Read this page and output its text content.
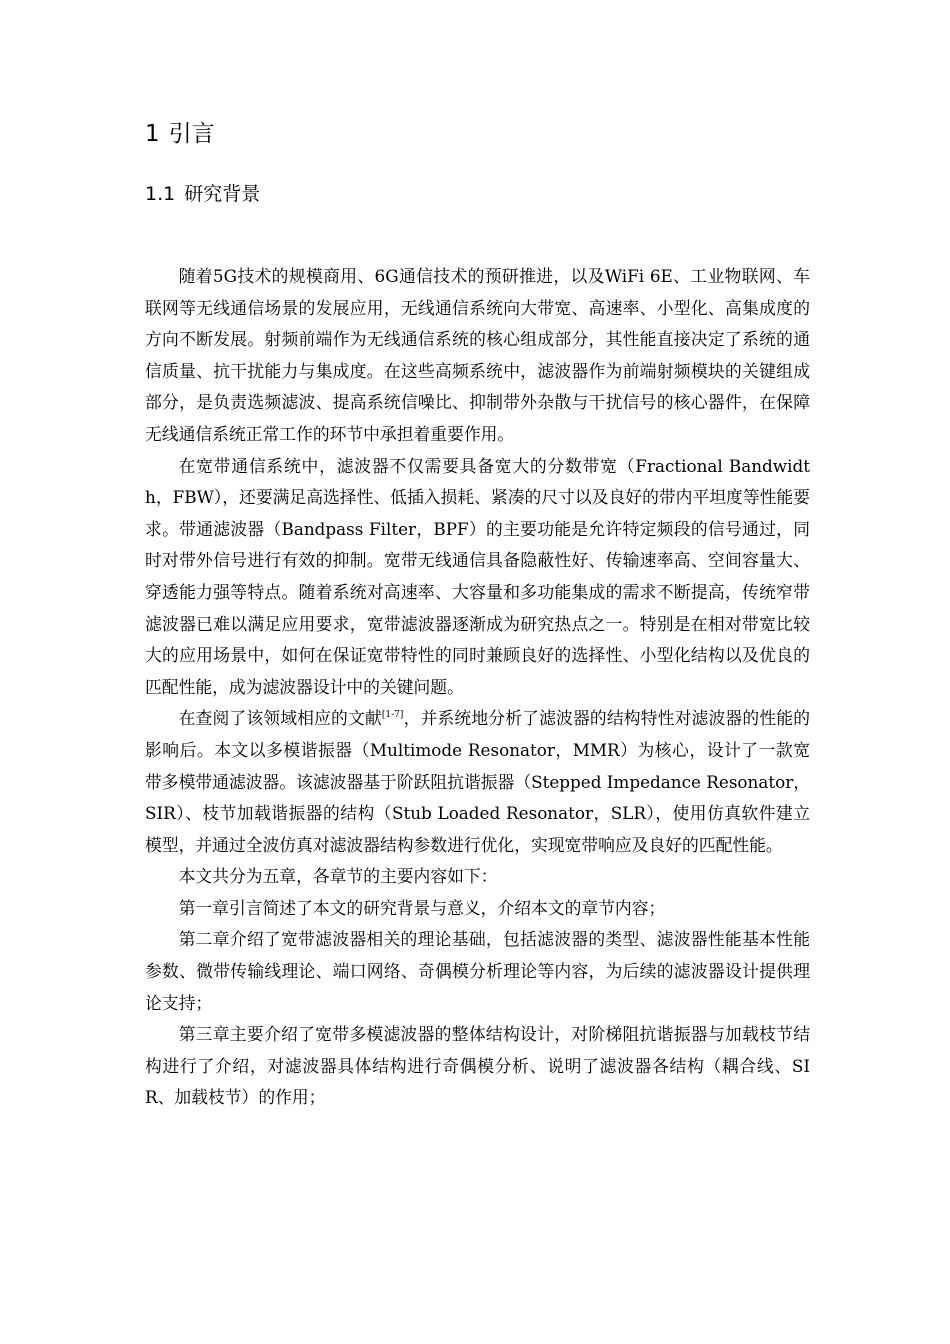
1 引言
1.1 研究背景

随着5G技术的规模商用、6G通信技术的预研推进，以及WiFi 6E、工业物联网、车联网等无线通信场景的发展应用，无线通信系统向大带宽、高速率、小型化、高集成度的方向不断发展。射频前端作为无线通信系统的核心组成部分，其性能直接决定了系统的通信质量、抗干扰能力与集成度。在这些高频系统中，滤波器作为前端射频模块的关键组成部分，是负责选频滤波、提高系统信噪比、抑制带外杂散与干扰信号的核心器件，在保障无线通信系统正常工作的环节中承担着重要作用。

在宽带通信系统中，滤波器不仅需要具备宽大的分数带宽（Fractional Bandwidth，FBW），还要满足高选择性、低插入损耗、紧凑的尺寸以及良好的带内平坦度等性能要求。带通滤波器（Bandpass Filter，BPF）的主要功能是允许特定频段的信号通过，同时对带外信号进行有效的抑制。宽带无线通信具备隐蔽性好、传输速率高、空间容量大、穿透能力强等特点。随着系统对高速率、大容量和多功能集成的需求不断提高，传统窄带滤波器已难以满足应用要求，宽带滤波器逐渐成为研究热点之一。特别是在相对带宽比较大的应用场景中，如何在保证宽带特性的同时兼顾良好的选择性、小型化结构以及优良的匹配性能，成为滤波器设计中的关键问题。

在查阅了该领域相应的文献[1-7]，并系统地分析了滤波器的结构特性对滤波器的性能的影响后。本文以多模谐振器（Multimode Resonator，MMR）为核心，设计了一款宽带多模带通滤波器。该滤波器基于阶跃阻抗谐振器（Stepped Impedance Resonator，SIR）、枝节加载谐振器的结构（Stub Loaded Resonator，SLR），使用仿真软件建立模型，并通过全波仿真对滤波器结构参数进行优化，实现宽带响应及良好的匹配性能。

本文共分为五章，各章节的主要内容如下：

第一章引言简述了本文的研究背景与意义，介绍本文的章节内容；

第二章介绍了宽带滤波器相关的理论基础，包括滤波器的类型、滤波器性能基本性能参数、微带传输线理论、端口网络、奇偶模分析理论等内容，为后续的滤波器设计提供理论支持；

第三章主要介绍了宽带多模滤波器的整体结构设计，对阶梯阻抗谐振器与加载枝节结构进行了介绍，对滤波器具体结构进行奇偶模分析、说明了滤波器各结构（耦合线、SIR、加载枝节）的作用；
